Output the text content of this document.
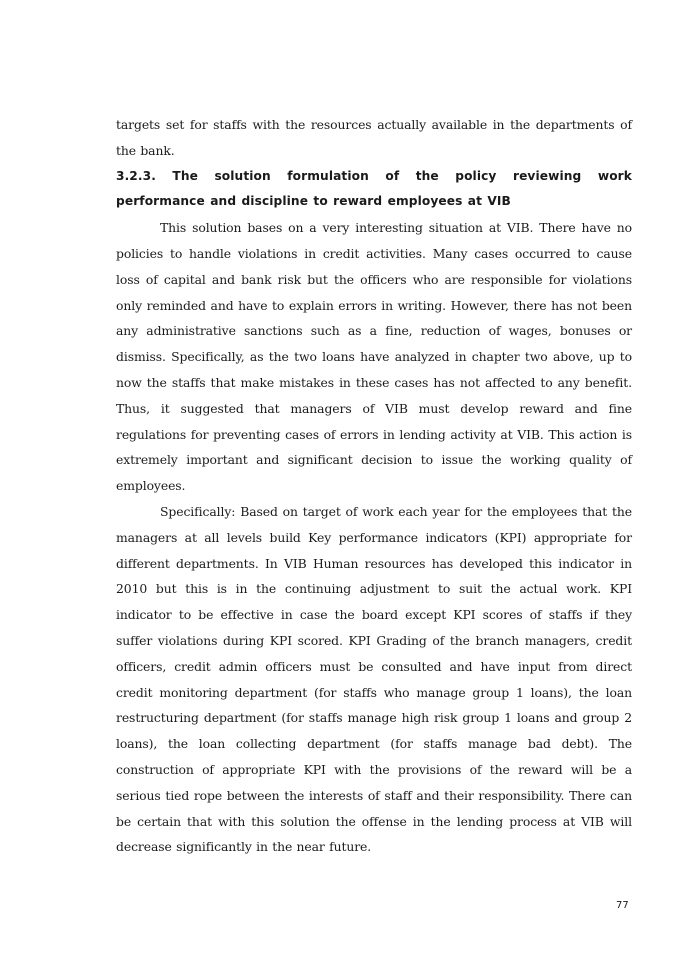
targets set for staffs with the resources actually available in the departments of the bank.

3.2.3. The solution formulation of the policy reviewing work performance and discipline to reward employees at VIB

This solution bases on a very interesting situation at VIB. There have no policies to handle violations in credit activities. Many cases occurred to cause loss of capital and bank risk but the officers who are responsible for violations only reminded and have to explain errors in writing. However, there has not been any administrative sanctions such as a fine, reduction of wages, bonuses or dismiss. Specifically, as the two loans have analyzed in chapter two above, up to now the staffs that make mistakes in these cases has not affected to any benefit. Thus, it suggested that managers of VIB must develop reward and fine regulations for preventing cases of errors in lending activity at VIB. This action is extremely important and significant decision to issue the working quality of employees.

Specifically: Based on target of work each year for the employees that the managers at all levels build Key performance indicators (KPI) appropriate for different departments. In VIB Human resources has developed this indicator in 2010 but this is in the continuing adjustment to suit the actual work. KPI indicator to be effective in case the board except KPI scores of staffs if they suffer violations during KPI scored. KPI Grading of the branch managers, credit officers, credit admin officers must be consulted and have input from direct credit monitoring department (for staffs who manage group 1 loans), the loan restructuring department (for staffs manage high risk group 1 loans and group 2 loans), the loan collecting department (for staffs manage bad debt). The construction of appropriate KPI with the provisions of the reward will be a serious tied rope between the interests of staff and their responsibility. There can be certain that with this solution the offense in the lending process at VIB will decrease significantly in the near future.

77
